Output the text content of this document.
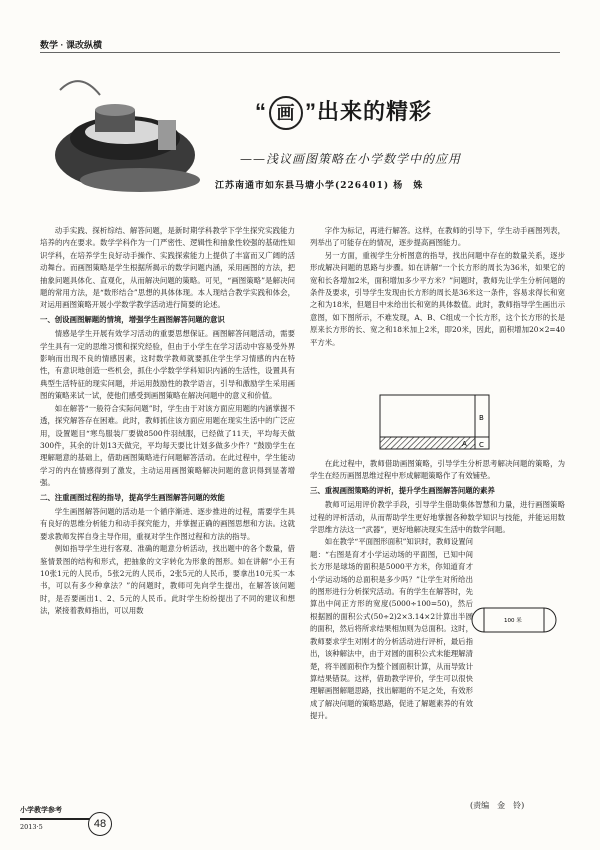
数学 · 课改纵横
“ 画 ”出来的精彩
——浅议画图策略在小学数学中的应用
江苏南通市如东县马塘小学(226401) 杨　姝

动手实践、探析综结、解答问题，是新时期学科教学下学生探究实践能力培养的内在要求。数学学科作为一门严密性、逻辑性和抽象性较强的基础性知识学科，在培养学生良好动手操作、实践探索能力上提供了丰富而又广阔的活动舞台。而画图策略是学生根据所揭示的数学问题内涵，采用画图的方法，把抽象问题具体化、直观化，从而解决问题的策略。可见，“画图策略”是解决问题的常用方法，是“数形结合”思想的具体体现。本人现结合教学实践和体会，对运用画图策略开展小学数学教学活动进行简要的论述。

一、创设画图解题的情境，增强学生画图解答问题的意识

情感是学生开展有效学习活动的重要思想保证。画图解答问题活动，需要学生具有一定的思维习惯和探究经验，但由于小学生在学习活动中容易受外界影响而出现不良的情感因素，这时数学教师就要抓住学生学习情感的内在特性，有意识地创造一些机会，抓住小学数学学科知识内涵的生活性，设置具有典型生活特征的现实问题，并运用鼓励性的教学语言，引导和激励学生采用画图的策略来试一试，使他们感受到画图策略在解决问题中的意义和价值。

如在解答“一般符合实际问题”时，学生由于对该方面应用题的内涵掌握不透，探究解答存在困难。此时，教师抓住该方面应用题在现实生活中的广泛应用，设置题目“寒鸟服装厂要做8500件羽绒服，已经做了11天，平均每天做300件，其余的计划13天做完，平均每天要比计划多做多少件？”鼓励学生在理解题意的基础上，借助画图策略进行问题解答活动。在此过程中，学生能动学习的内在情感得到了激发，主动运用画图策略解决问题的意识得到显著增强。

二、注重画图过程的指导，提高学生画图解答问题的效能

学生画图解答问题的活动是一个循序渐进、逐步推进的过程，需要学生具有良好的思维分析能力和动手探究能力，并掌握正确的画图思想和方法。这就要求教师发挥自身主导作用，重视对学生作图过程和方法的指导。

例如指导学生进行客观、准确的题意分析活动，找出题中的各个数量，借鉴情景图的结构和形式，把抽象的文字转化为形象的图形。如在讲解“小王有10张1元的人民币，5张2元的人民币，2张5元的人民币，要拿出10元买一本书，可以有多少种拿法？”的问题时，教师可先向学生提出，在解答该问题时，是否要画出1、2、5元的人民币。此时学生纷纷提出了不同的建议和想法，紧接着教师指出，可以用数

字作为标记，再进行解答。这样，在教师的引导下，学生动手画图列表，列举出了可能存在的情况，逐步提高画图能力。

另一方面，重视学生分析图意的指导，找出问题中存在的数量关系，逐步形成解决问题的思路与步骤。如在讲解“一个长方形的周长为36米，如果它的宽和长各增加2米，面积增加多少平方米？”问题时，教师先让学生分析问题的条件及要求，引导学生发现由长方形的周长是36米这一条件，容易求得长和宽之和为18米，但题目中未给出长和宽的具体数值。此时，教师指导学生画出示意图，如下图所示，不难发现，A、B、C组成一个长方形，这个长方形的长是原来长方形的长、宽之和18米加上2米，即20米，因此，面积增加20×2=40平方米。

B
A C

在此过程中，教师借助画图策略，引导学生分析思考解决问题的策略，为学生在经历画图思维过程中形成解题策略作了有效铺垫。

三、重视画图策略的评析，提升学生画图解答问题的素养

教师可运用评价教学手段，引导学生借助集体智慧和力量，进行画图策略过程的评析活动，从而帮助学生更好地掌握各种数学知识与技能，并能运用数学思维方法这一“武器”，更好地解决现实生活中的数学问题。

如在教学“平面图形面积”知识时，教师设置问题：“右图是育才小学运动场的平面图，已知中间长方形是球场的面积是5000平方米，你知道育才小学运动场的总面积是多少吗？”让学生对所给出的图形进行分析探究活动。有的学生在解答时，先算出中间正方形的宽度(5000÷100=50)，然后根据圆的面积公式(50÷2)2×3.14×2计算出半圆的面积，然后将所求结果相加则为总面积。这时，教师要求学生对刚才的分析活动进行评析，最后指出，该种解法中，由于对圆的面积公式未能理解清楚，将半圆面积作为整个圆面积计算，从而导致计算结果错误。这样，借助教学评价，学生可以很快理解画图解题思路，找出解题的不足之处，有效形成了解决问题的策略思路，促进了解题素养的有效提升。

100 米
(责编　金　铃)
小学教学参考
2013·5	48
